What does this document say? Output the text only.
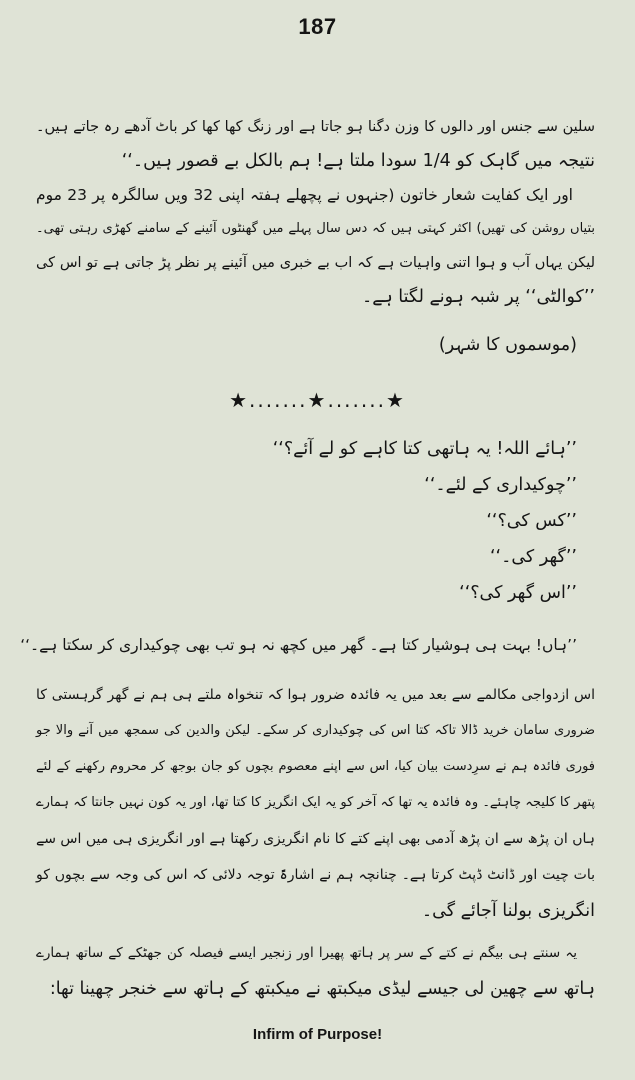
187
سلین سے جنس اور دالوں کا وزن دگنا ہو جاتا ہے اور زنگ کھا کھا کر باٹ آدھے رہ جاتے ہیں۔
نتیجہ میں گاہک کو 1/4 سودا ملتا ہے! ہم بالکل بے قصور ہیں۔‘‘
اور ایک کفایت شعار خاتون (جنہوں نے پچھلے ہفتہ اپنی 32 ویں سالگرہ پر 23 موم
بتیاں روشن کی تھیں) اکثر کہتی ہیں کہ دس سال پہلے میں گھنٹوں آئینے کے سامنے کھڑی رہتی تھی۔
لیکن یہاں آب و ہوا اتنی واہیات ہے کہ اب بے خبری میں آئینے پر نظر پڑ جاتی ہے تو اس کی
’’کوالٹی‘‘ پر شبہ ہونے لگتا ہے۔
(موسموں کا شہر)
★.......★.......★
’’ہائے اللہ! یہ ہاتھی کتا کاہے کو لے آئے؟‘‘
’’چوکیداری کے لئے۔‘‘
’’کس کی؟‘‘
’’گھر کی۔‘‘
’’اس گھر کی؟‘‘
’’ہاں! بہت ہی ہوشیار کتا ہے۔ گھر میں کچھ نہ ہو تب بھی چوکیداری کر سکتا ہے۔‘‘
اس ازدواجی مکالمے سے بعد میں یہ فائدہ ضرور ہوا کہ تنخواہ ملتے ہی ہم نے گھر گرہستی کا
ضروری سامان خرید ڈالا تاکہ کتا اس کی چوکیداری کر سکے۔ لیکن والدین کی سمجھ میں آنے والا جو
فوری فائدہ ہم نے سرِدست بیان کیا، اس سے اپنے معصوم بچوں کو جان بوجھ کر محروم رکھنے کے لئے
پتھر کا کلیجہ چاہئے۔ وہ فائدہ یہ تھا کہ آخر کو یہ ایک انگریز کا کتا تھا، اور یہ کون نہیں جانتا کہ ہمارے
ہاں ان پڑھ سے ان پڑھ آدمی بھی اپنے کتے کا نام انگریزی رکھتا ہے اور انگریزی ہی میں اس سے
بات چیت اور ڈانٹ ڈپٹ کرتا ہے۔ چنانچہ ہم نے اشارۃً توجہ دلائی کہ اس کی وجہ سے بچوں کو
انگریزی بولنا آجائے گی۔
یہ سنتے ہی بیگم نے کتے کے سر پر ہاتھ پھیرا اور زنجیر ایسے فیصلہ کن جھٹکے کے ساتھ ہمارے
ہاتھ سے چھین لی جیسے لیڈی میکبتھ نے میکبتھ کے ہاتھ سے خنجر چھینا تھا:
Infirm of Purpose!
